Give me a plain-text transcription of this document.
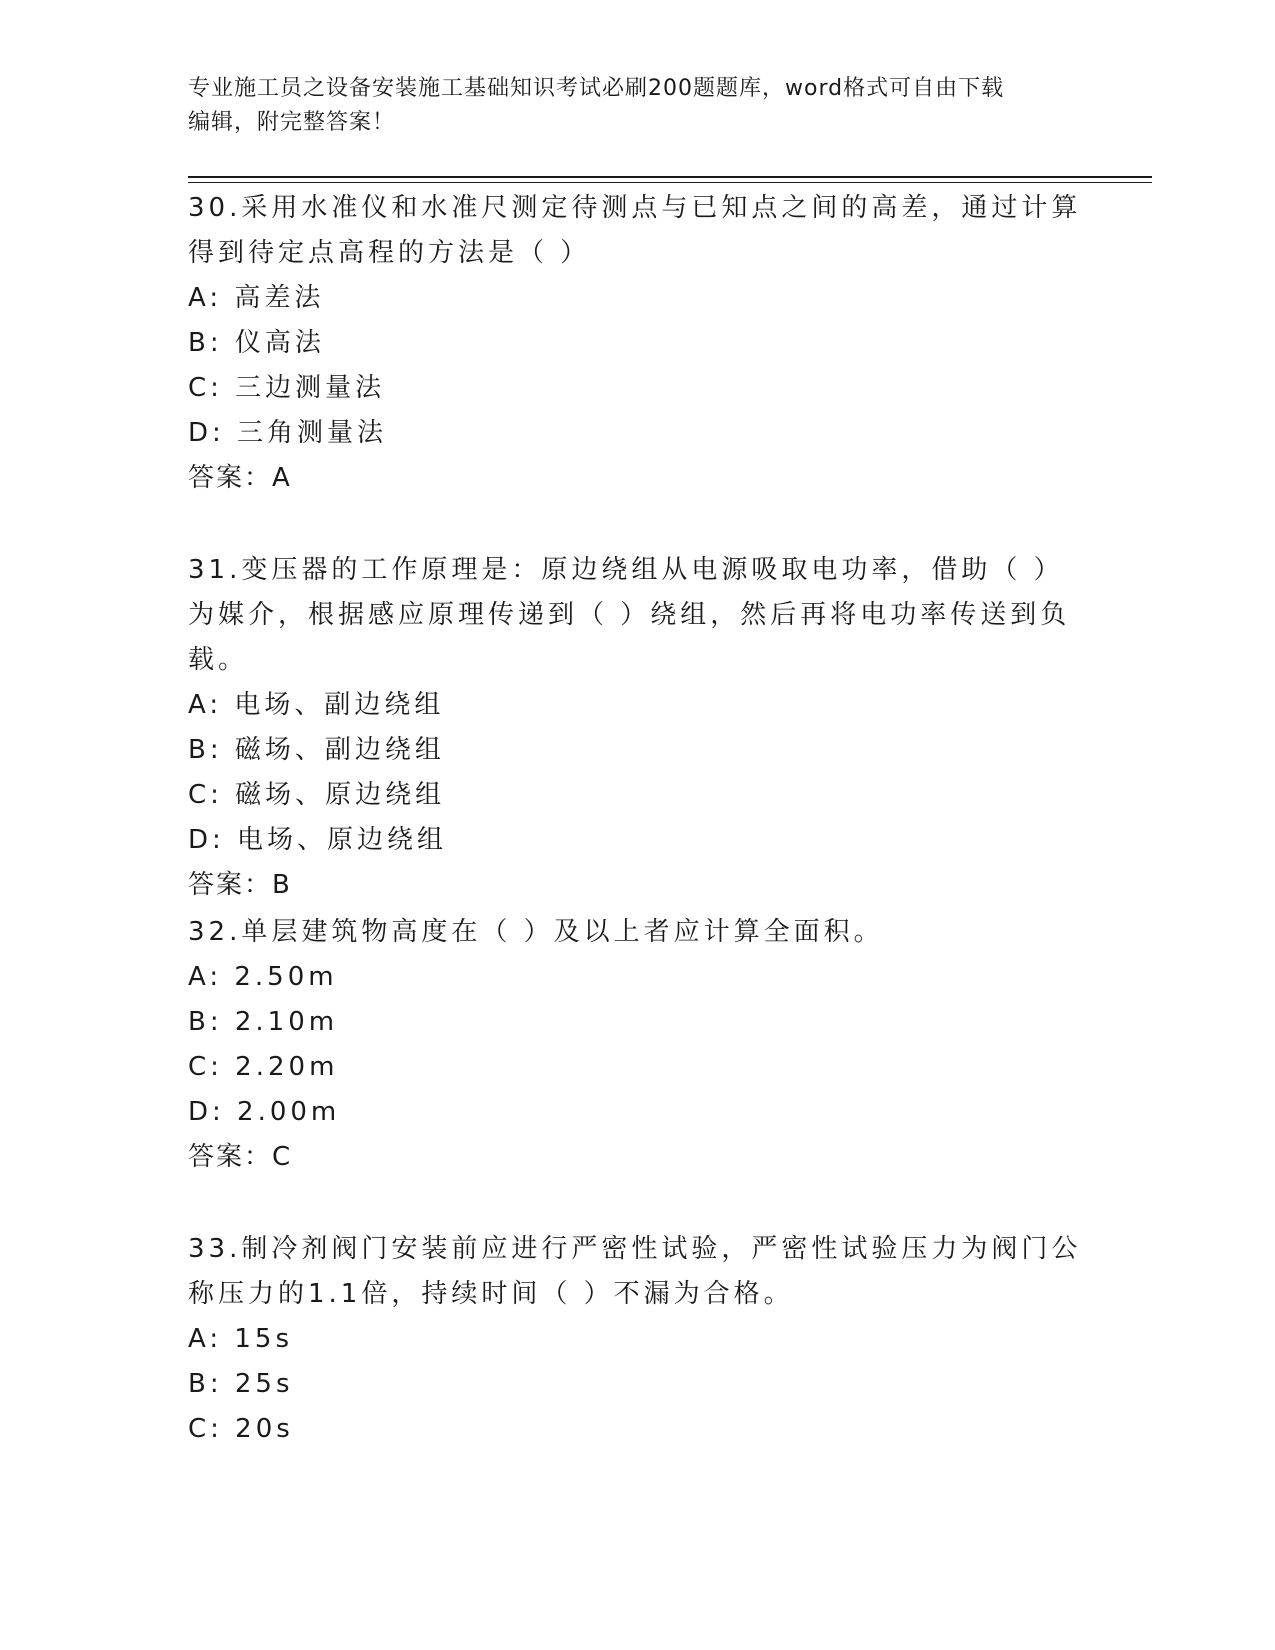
专业施工员之设备安装施工基础知识考试必刷200题题库，word格式可自由下载
编辑，附完整答案！

30.采用水准仪和水准尺测定待测点与已知点之间的高差，通过计算得到待定点高程的方法是（ ）

A: 高差法

B: 仪高法

C: 三边测量法

D: 三角测量法

答案：A

31.变压器的工作原理是：原边绕组从电源吸取电功率，借助（ ）为媒介，根据感应原理传递到（ ）绕组，然后再将电功率传送到负载。

A: 电场、副边绕组

B: 磁场、副边绕组

C: 磁场、原边绕组

D: 电场、原边绕组

答案：B

32.单层建筑物高度在（ ）及以上者应计算全面积。

A: 2.50m

B: 2.10m

C: 2.20m

D: 2.00m

答案：C

33.制冷剂阀门安装前应进行严密性试验，严密性试验压力为阀门公称压力的1.1倍，持续时间（ ）不漏为合格。

A: 15s

B: 25s

C: 20s
